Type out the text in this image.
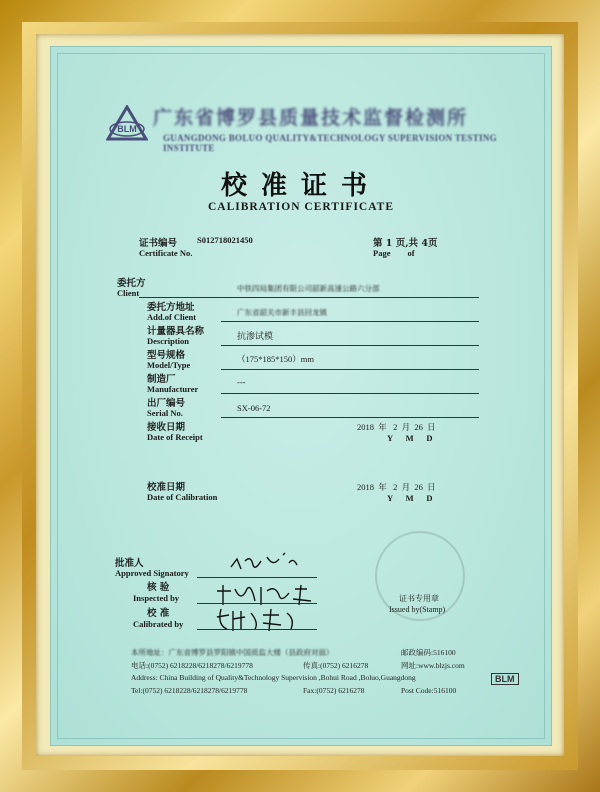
BLM 广东省博罗县质量技术监督检测所
GUANGDONG BOLUO QUALITY&TECHNOLOGY SUPERVISION TESTING INSTITUTE
校准证书
CALIBRATION CERTIFICATE
证书编号 S012718021450
Certificate No.
第 1 页,共 4页
Page        of
委托方
Client	中铁四局集团有限公司韶新高速公路六分部
委托方地址
Add.of Client	广东省韶关市新丰县回龙镇
计量器具名称
Description	抗渗试模
型号规格
Model/Type
（175*185*150）mm
制造厂
Manufacturer
---
出厂编号
Serial No.	SX-06-72
接收日期
Date of Receipt
2018  年   2  月  26  日
Y      M      D
校准日期
Date of Calibration
2018  年   2  月  26  日
Y      M      D
批准人
Approved Signatory
核 验
Inspected by
校 准
Calibrated by
证书专用章
Issued by(Stamp)
本所地址：广东省博罗县罗阳镇中国质监大楼（县政府对面）	邮政编码:516100
电话:(0752) 6218228/6218278/6219778	传真:(0752) 6216278	网址:www.blzjs.com
Address: China Building of Quality&Technology Supervision ,Bohui Road ,Boluo,Guangdong
Tel:(0752) 6218228/6218278/6219778	Fax:(0752) 6216278	Post Code:516100
BLM
